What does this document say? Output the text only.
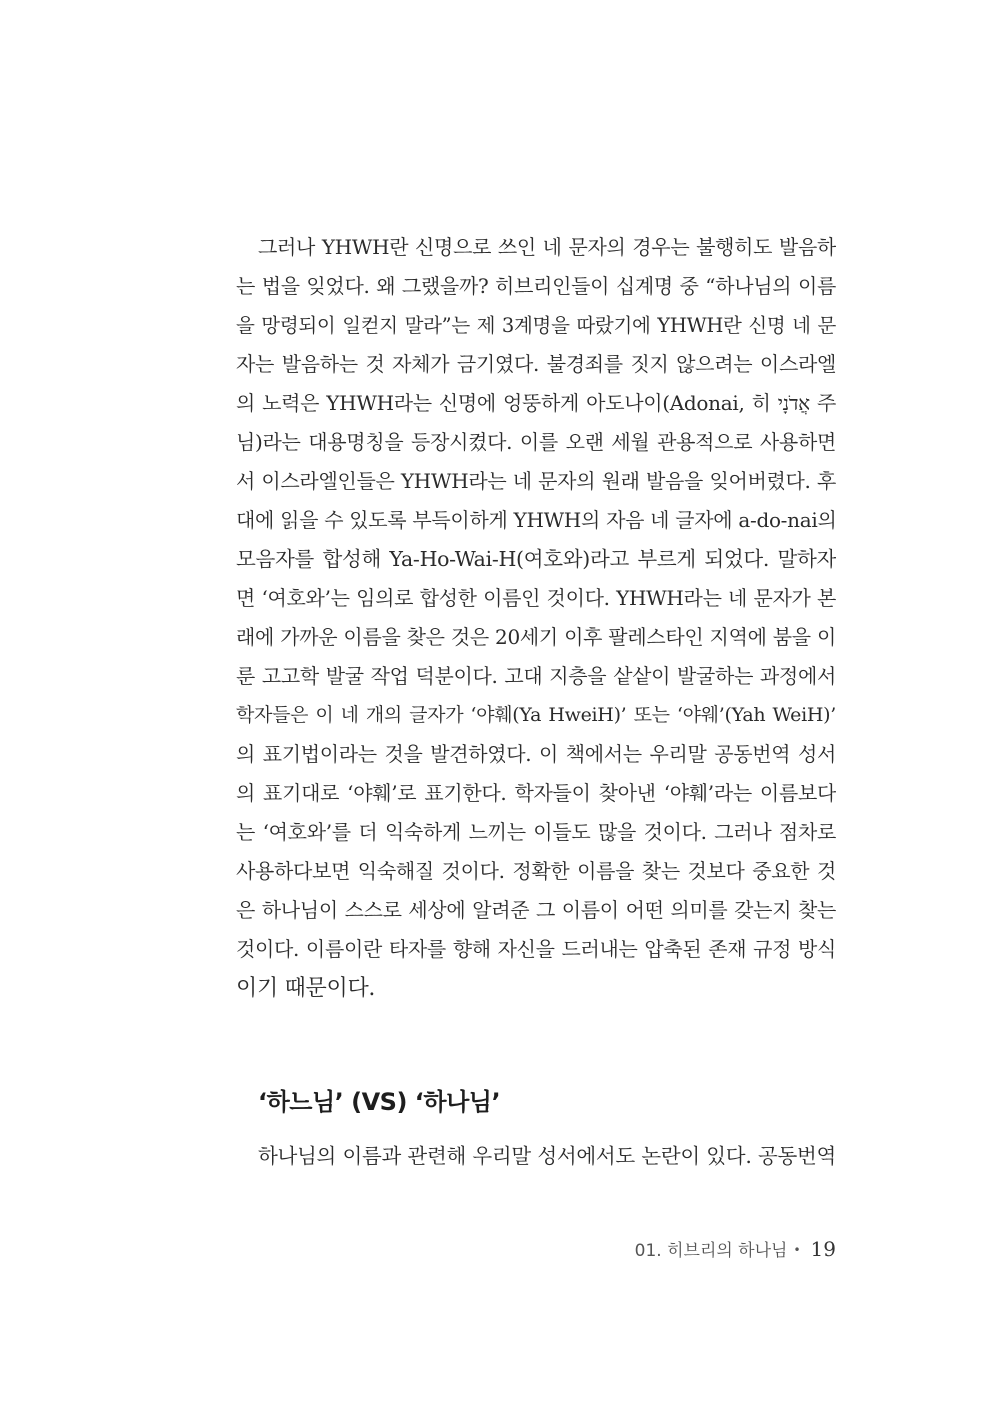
그러나 YHWH란 신명으로 쓰인 네 문자의 경우는 불행히도 발음하
는 법을 잊었다. 왜 그랬을까? 히브리인들이 십계명 중 “하나님의 이름
을 망령되이 일컫지 말라”는 제 3계명을 따랐기에 YHWH란 신명 네 문
자는 발음하는 것 자체가 금기였다. 불경죄를 짓지 않으려는 이스라엘
의 노력은 YHWH라는 신명에 엉뚱하게 아도나이(Adonai, 히 אֲדֹנָי 주
님)라는 대용명칭을 등장시켰다. 이를 오랜 세월 관용적으로 사용하면
서 이스라엘인들은 YHWH라는 네 문자의 원래 발음을 잊어버렸다. 후
대에 읽을 수 있도록 부득이하게 YHWH의 자음 네 글자에 a-do-nai의
모음자를 합성해 Ya-Ho-Wai-H(여호와)라고 부르게 되었다. 말하자
면 ‘여호와’는 임의로 합성한 이름인 것이다. YHWH라는 네 문자가 본
래에 가까운 이름을 찾은 것은 20세기 이후 팔레스타인 지역에 붐을 이
룬 고고학 발굴 작업 덕분이다. 고대 지층을 샅샅이 발굴하는 과정에서
학자들은 이 네 개의 글자가 ‘야훼(Ya HweiH)’ 또는 ‘야웨’(Yah WeiH)’
의 표기법이라는 것을 발견하였다. 이 책에서는 우리말 공동번역 성서
의 표기대로 ‘야훼’로 표기한다. 학자들이 찾아낸 ‘야훼’라는 이름보다
는 ‘여호와’를 더 익숙하게 느끼는 이들도 많을 것이다. 그러나 점차로
사용하다보면 익숙해질 것이다. 정확한 이름을 찾는 것보다 중요한 것
은 하나님이 스스로 세상에 알려준 그 이름이 어떤 의미를 갖는지 찾는
것이다. 이름이란 타자를 향해 자신을 드러내는 압축된 존재 규정 방식
이기 때문이다.
‘하느님’ (VS) ‘하나님’
하나님의 이름과 관련해 우리말 성서에서도 논란이 있다. 공동번역
01. 히브리의 하나님 • 19
